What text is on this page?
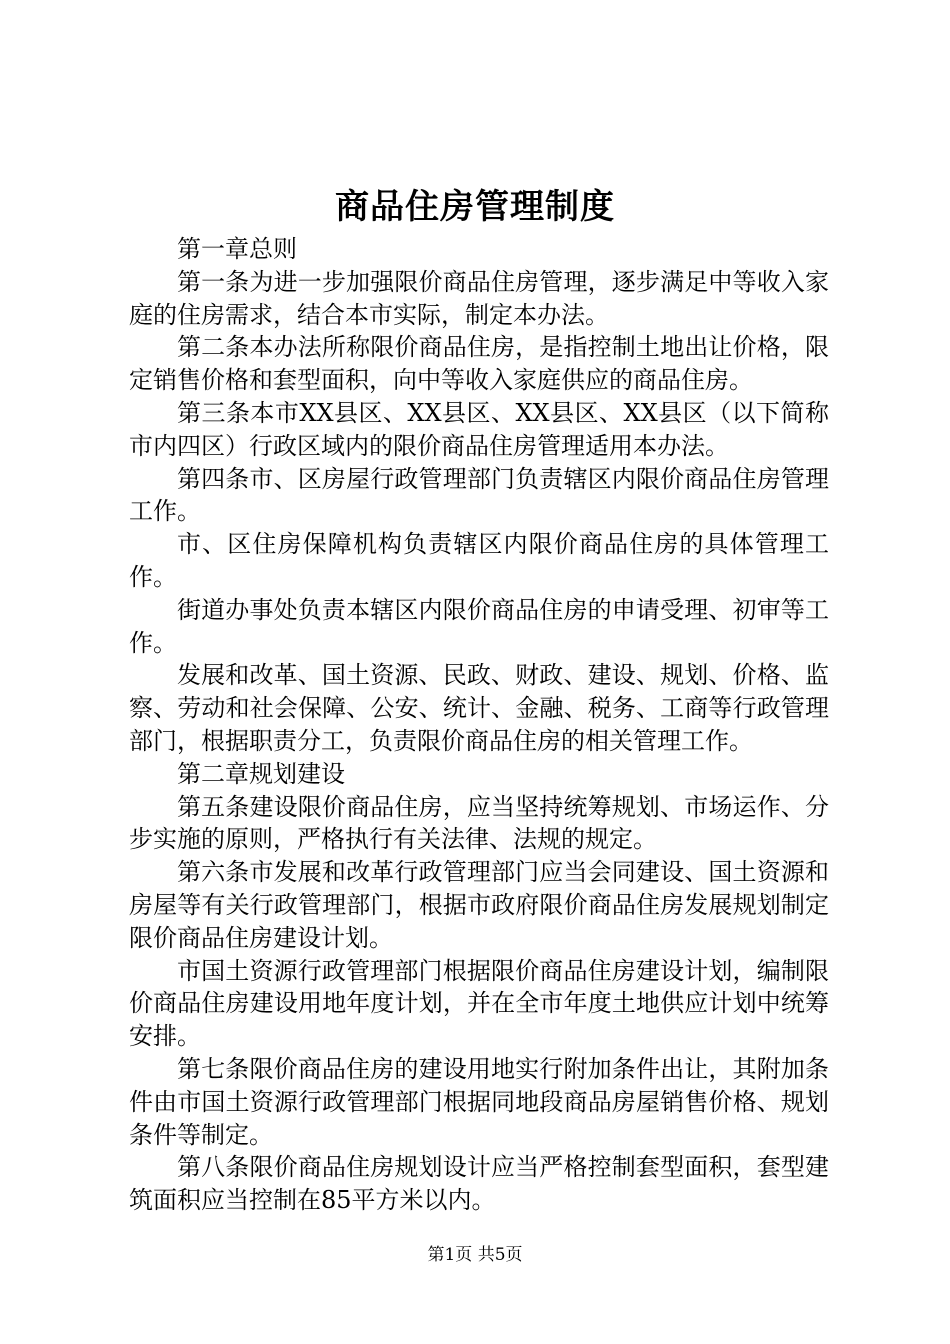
商品住房管理制度

第一章总则

第一条为进一步加强限价商品住房管理，逐步满足中等收入家庭的住房需求，结合本市实际，制定本办法。

第二条本办法所称限价商品住房，是指控制土地出让价格，限定销售价格和套型面积，向中等收入家庭供应的商品住房。

第三条本市XX县区、XX县区、XX县区、XX县区（以下简称市内四区）行政区域内的限价商品住房管理适用本办法。

第四条市、区房屋行政管理部门负责辖区内限价商品住房管理工作。

市、区住房保障机构负责辖区内限价商品住房的具体管理工作。

街道办事处负责本辖区内限价商品住房的申请受理、初审等工作。

发展和改革、国土资源、民政、财政、建设、规划、价格、监察、劳动和社会保障、公安、统计、金融、税务、工商等行政管理部门，根据职责分工，负责限价商品住房的相关管理工作。

第二章规划建设

第五条建设限价商品住房，应当坚持统筹规划、市场运作、分步实施的原则，严格执行有关法律、法规的规定。

第六条市发展和改革行政管理部门应当会同建设、国土资源和房屋等有关行政管理部门，根据市政府限价商品住房发展规划制定限价商品住房建设计划。

市国土资源行政管理部门根据限价商品住房建设计划，编制限价商品住房建设用地年度计划，并在全市年度土地供应计划中统筹安排。

第七条限价商品住房的建设用地实行附加条件出让，其附加条件由市国土资源行政管理部门根据同地段商品房屋销售价格、规划条件等制定。

第八条限价商品住房规划设计应当严格控制套型面积，套型建筑面积应当控制在85平方米以内。

第1页 共5页
